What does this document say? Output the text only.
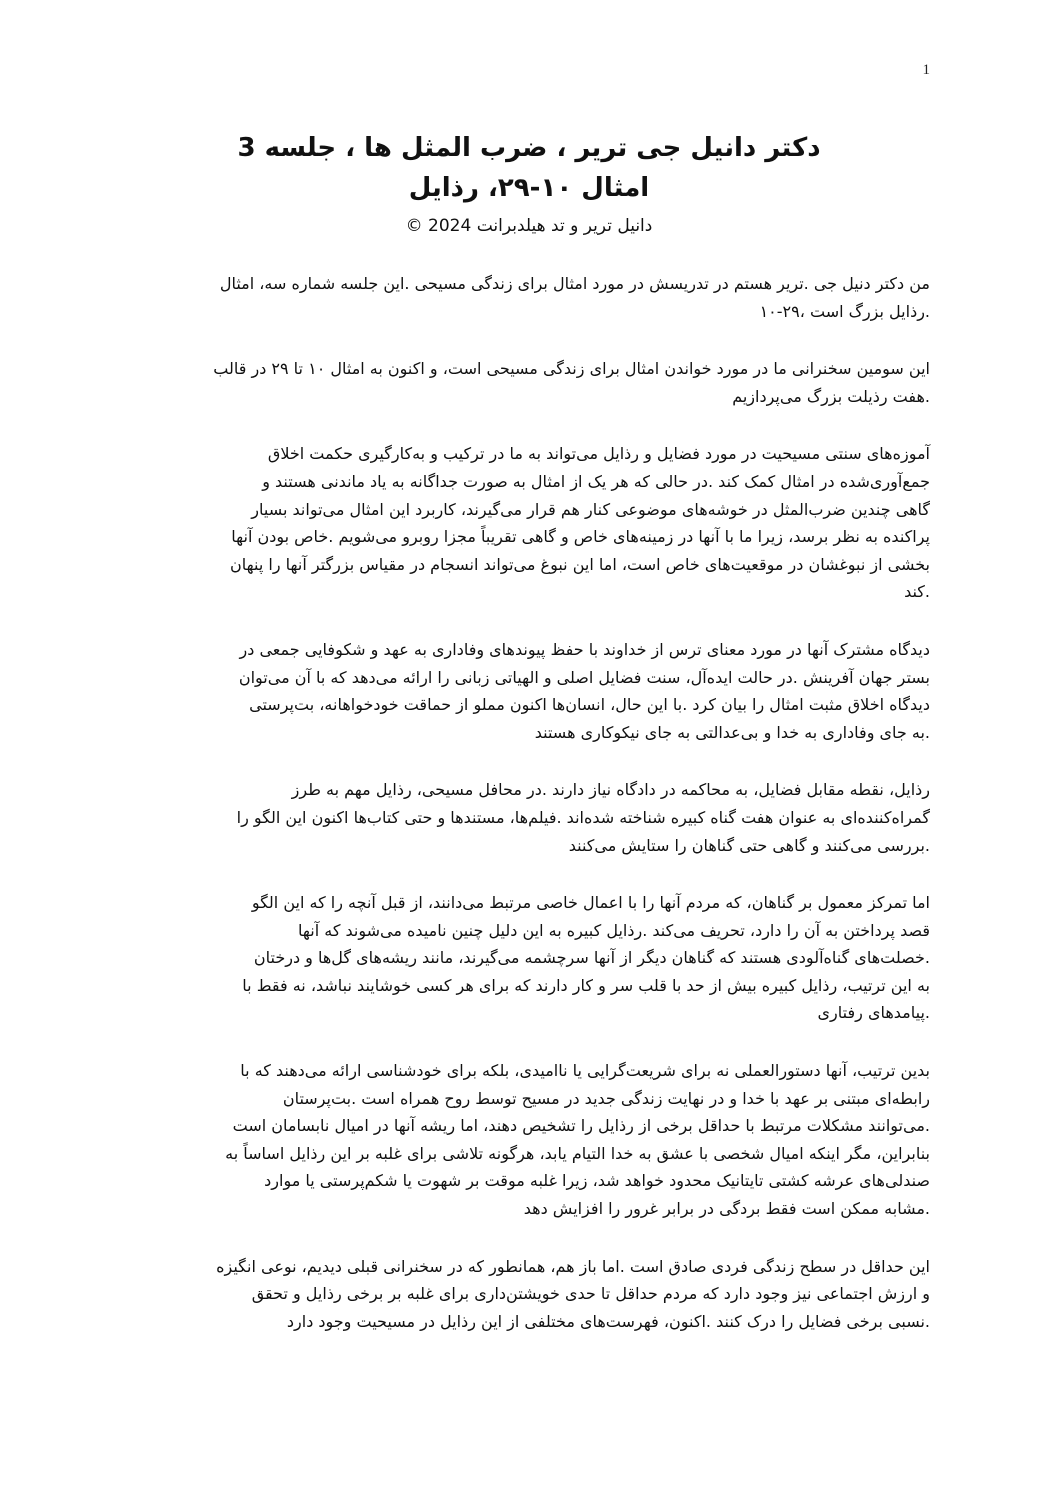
1
دکتر دانیل جی تریر ، ضرب المثل ها ، جلسه 3
امثال ۱۰-۲۹، رذایل
دانیل تریر و تد هیلدبرانت 2024 ©
من دکتر دنیل جی .تریر هستم در تدریسش در مورد امثال برای زندگی مسیحی .این جلسه شماره سه، امثال
.رذایل بزرگ است ،۲۹-۱۰
این سومین سخنرانی ما در مورد خواندن امثال برای زندگی مسیحی است، و اکنون به امثال ۱۰ تا ۲۹ در قالب
.هفت رذیلت بزرگ می‌پردازیم
آموزه‌های سنتی مسیحیت در مورد فضایل و رذایل می‌تواند به ما در ترکیب و به‌کارگیری حکمت اخلاق
جمع‌آوری‌شده در امثال کمک کند .در حالی که هر یک از امثال به صورت جداگانه به یاد ماندنی هستند و
گاهی چندین ضرب‌المثل در خوشه‌های موضوعی کنار هم قرار می‌گیرند، کاربرد این امثال می‌تواند بسیار
پراکنده به نظر برسد، زیرا ما با آنها در زمینه‌های خاص و گاهی تقریباً مجزا روبرو می‌شویم .خاص بودن آنها
بخشی از نبوغشان در موقعیت‌های خاص است، اما این نبوغ می‌تواند انسجام در مقیاس بزرگتر آنها را پنهان
.کند
دیدگاه مشترک آنها در مورد معنای ترس از خداوند با حفظ پیوندهای وفاداری به عهد و شکوفایی جمعی در
بستر جهان آفرینش .در حالت ایده‌آل، سنت فضایل اصلی و الهیاتی زبانی را ارائه می‌دهد که با آن می‌توان
دیدگاه اخلاق مثبت امثال را بیان کرد .با این حال، انسان‌ها اکنون مملو از حماقت خودخواهانه، بت‌پرستی
.به جای وفاداری به خدا و بی‌عدالتی به جای نیکوکاری هستند
رذایل، نقطه مقابل فضایل، به محاکمه در دادگاه نیاز دارند .در محافل مسیحی، رذایل مهم به طرز
گمراه‌کننده‌ای به عنوان هفت گناه کبیره شناخته شده‌اند .فیلم‌ها، مستندها و حتی کتاب‌ها اکنون این الگو را
.بررسی می‌کنند و گاهی حتی گناهان را ستایش می‌کنند
اما تمرکز معمول بر گناهان، که مردم آنها را با اعمال خاصی مرتبط می‌دانند، از قبل آنچه را که این الگو
قصد پرداختن به آن را دارد، تحریف می‌کند .رذایل کبیره به این دلیل چنین نامیده می‌شوند که آنها
.خصلت‌های گناه‌آلودی هستند که گناهان دیگر از آنها سرچشمه می‌گیرند، مانند ریشه‌های گل‌ها و درختان
به این ترتیب، رذایل کبیره بیش از حد با قلب سر و کار دارند که برای هر کسی خوشایند نباشد، نه فقط با
.پیامدهای رفتاری
بدین ترتیب، آنها دستورالعملی نه برای شریعت‌گرایی یا ناامیدی، بلکه برای خودشناسی ارائه می‌دهند که با
رابطه‌ای مبتنی بر عهد با خدا و در نهایت زندگی جدید در مسیح توسط روح همراه است .بت‌پرستان
.می‌توانند مشکلات مرتبط با حداقل برخی از رذایل را تشخیص دهند، اما ریشه آنها در امیال نابسامان است
بنابراین، مگر اینکه امیال شخصی با عشق به خدا التیام یابد، هرگونه تلاشی برای غلبه بر این رذایل اساساً به
صندلی‌های عرشه کشتی تایتانیک محدود خواهد شد، زیرا غلبه موقت بر شهوت یا شکم‌پرستی یا موارد
.مشابه ممکن است فقط بردگی در برابر غرور را افزایش دهد
این حداقل در سطح زندگی فردی صادق است .اما باز هم، همانطور که در سخنرانی قبلی دیدیم، نوعی انگیزه
و ارزش اجتماعی نیز وجود دارد که مردم حداقل تا حدی خویشتن‌داری برای غلبه بر برخی رذایل و تحقق
.نسبی برخی فضایل را درک کنند .اکنون، فهرست‌های مختلفی از این رذایل در مسیحیت وجود دارد
